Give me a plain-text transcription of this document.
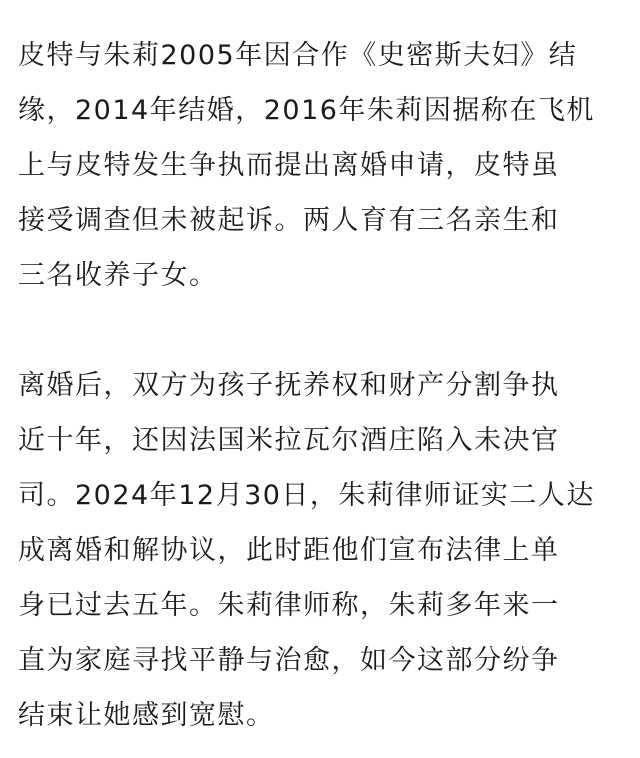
皮特与朱莉2005年因合作《史密斯夫妇》结
缘，2014年结婚，2016年朱莉因据称在飞机
上与皮特发生争执而提出离婚申请，皮特虽
接受调查但未被起诉。两人育有三名亲生和
三名收养子女。

离婚后，双方为孩子抚养权和财产分割争执
近十年，还因法国米拉瓦尔酒庄陷入未决官
司。2024年12月30日，朱莉律师证实二人达
成离婚和解协议，此时距他们宣布法律上单
身已过去五年。朱莉律师称，朱莉多年来一
直为家庭寻找平静与治愈，如今这部分纷争
结束让她感到宽慰。
